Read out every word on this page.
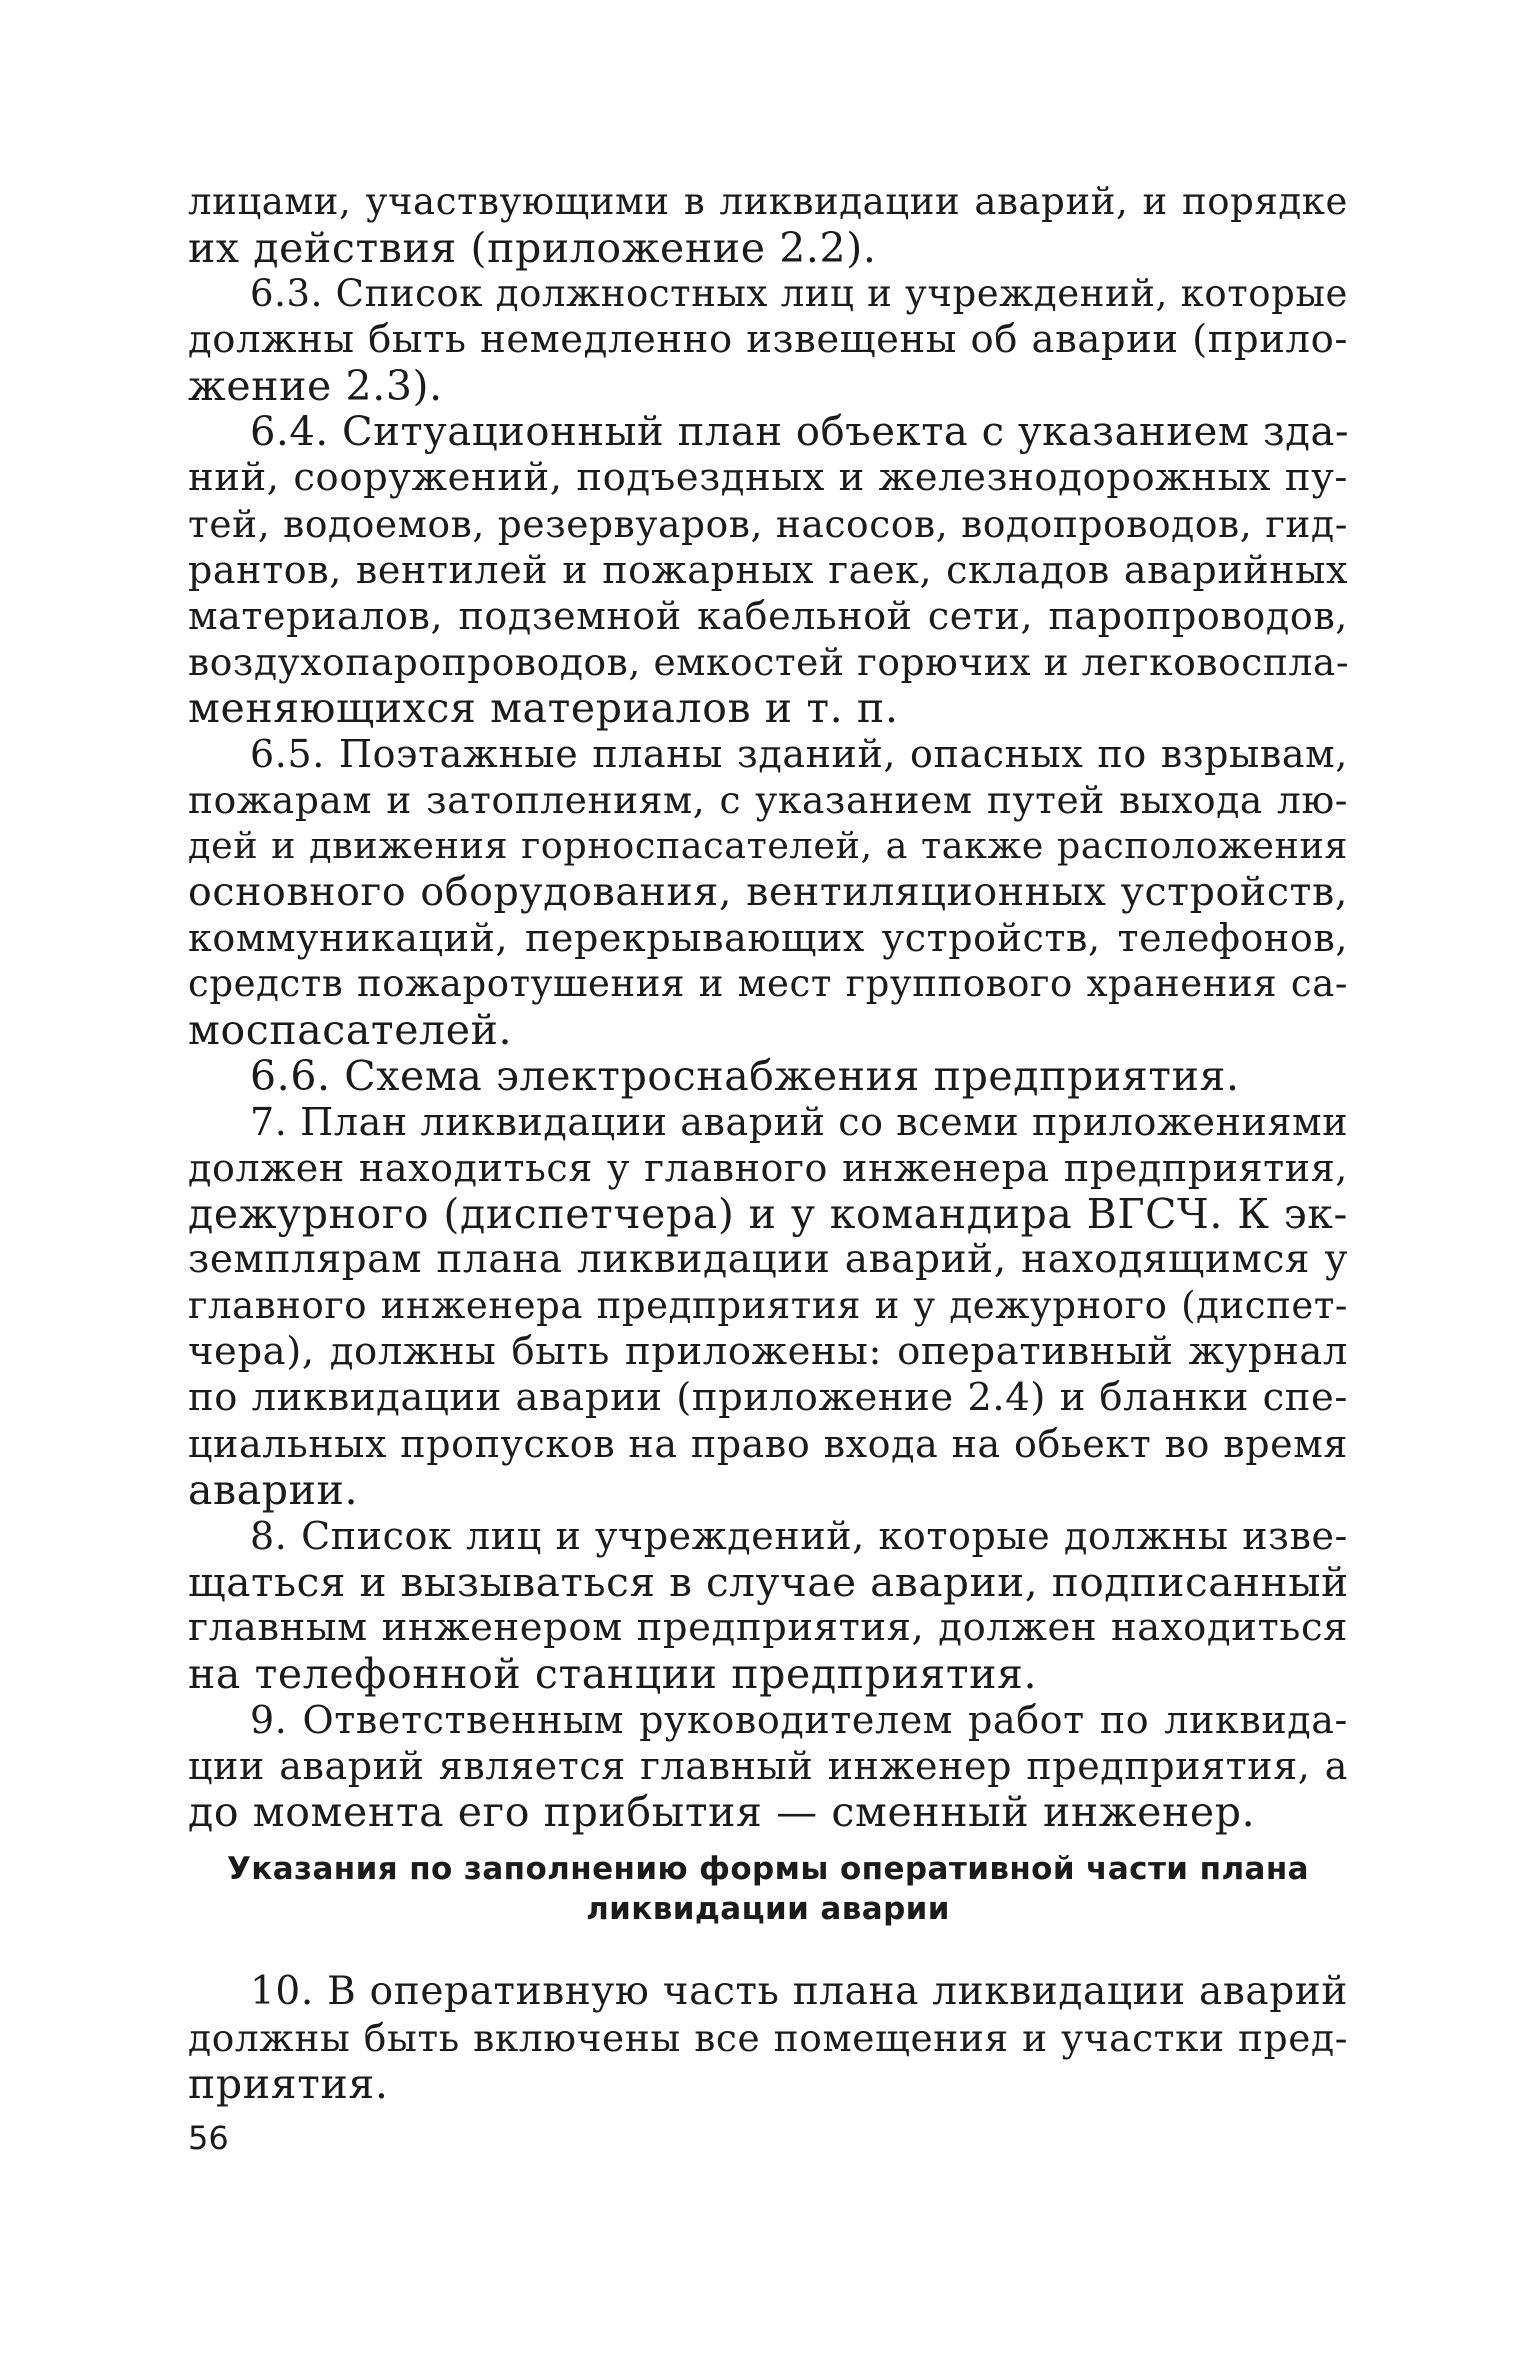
лицами, участвующими в ликвидации аварий, и порядке
их действия (приложение 2.2).
6.3. Список должностных лиц и учреждений, которые
должны быть немедленно извещены об аварии (прило-
жение 2.3).
6.4. Ситуационный план объекта с указанием зда-
ний, сооружений, подъездных и железнодорожных пу-
тей, водоемов, резервуаров, насосов, водопроводов, гид-
рантов, вентилей и пожарных гаек, складов аварийных
материалов, подземной кабельной сети, паропроводов,
воздухопаропроводов, емкостей горючих и легковоспла-
меняющихся материалов и т. п.
6.5. Поэтажные планы зданий, опасных по взрывам,
пожарам и затоплениям, с указанием путей выхода лю-
дей и движения горноспасателей, а также расположения
основного оборудования, вентиляционных устройств,
коммуникаций, перекрывающих устройств, телефонов,
средств пожаротушения и мест группового хранения са-
моспасателей.
6.6. Схема электроснабжения предприятия.
7. План ликвидации аварий со всеми приложениями
должен находиться у главного инженера предприятия,
дежурного (диспетчера) и у командира ВГСЧ. К эк-
земплярам плана ликвидации аварий, находящимся у
главного инженера предприятия и у дежурного (диспет-
чера), должны быть приложены: оперативный журнал
по ликвидации аварии (приложение 2.4) и бланки спе-
циальных пропусков на право входа на обьект во время
аварии.
8. Список лиц и учреждений, которые должны изве-
щаться и вызываться в случае аварии, подписанный
главным инженером предприятия, должен находиться
на телефонной станции предприятия.
9. Ответственным руководителем работ по ликвида-
ции аварий является главный инженер предприятия, а
до момента его прибытия — сменный инженер.
Указания по заполнению формы оперативной части плана
ликвидации аварии
10. В оперативную часть плана ликвидации аварий
должны быть включены все помещения и участки пред-
приятия.
56
